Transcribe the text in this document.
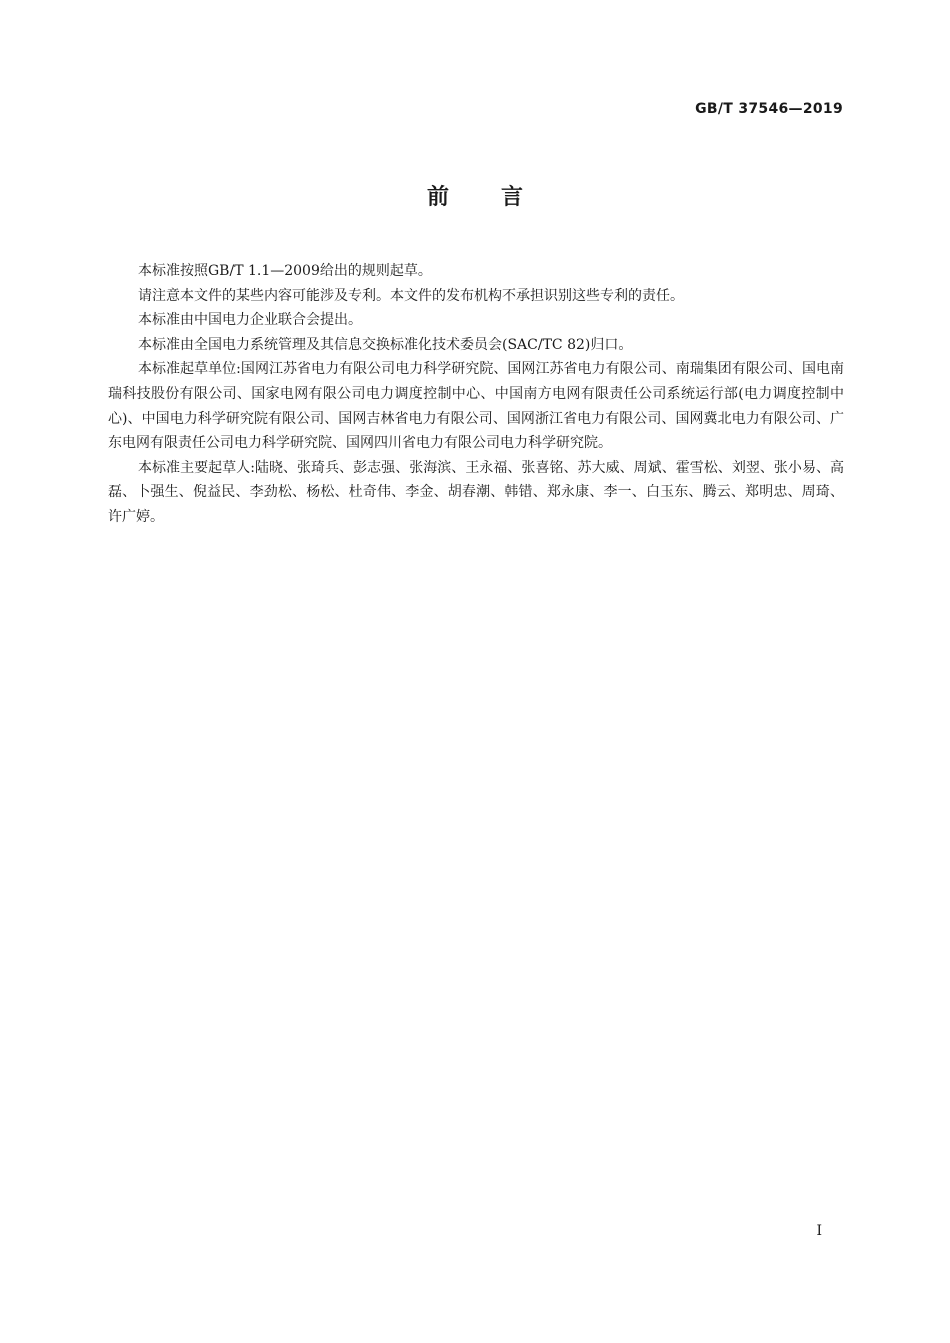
GB/T 37546—2019
前言

本标准按照GB/T 1.1—2009给出的规则起草。

请注意本文件的某些内容可能涉及专利。本文件的发布机构不承担识别这些专利的责任。

本标准由中国电力企业联合会提出。

本标准由全国电力系统管理及其信息交换标准化技术委员会(SAC/TC 82)归口。

本标准起草单位:国网江苏省电力有限公司电力科学研究院、国网江苏省电力有限公司、南瑞集团有限公司、国电南瑞科技股份有限公司、国家电网有限公司电力调度控制中心、中国南方电网有限责任公司系统运行部(电力调度控制中心)、中国电力科学研究院有限公司、国网吉林省电力有限公司、国网浙江省电力有限公司、国网冀北电力有限公司、广东电网有限责任公司电力科学研究院、国网四川省电力有限公司电力科学研究院。

本标准主要起草人:陆晓、张琦兵、彭志强、张海滨、王永福、张喜铭、苏大威、周斌、霍雪松、刘翌、张小易、高磊、卜强生、倪益民、李劲松、杨松、杜奇伟、李金、胡春潮、韩错、郑永康、李一、白玉东、腾云、郑明忠、周琦、许广婷。

I
